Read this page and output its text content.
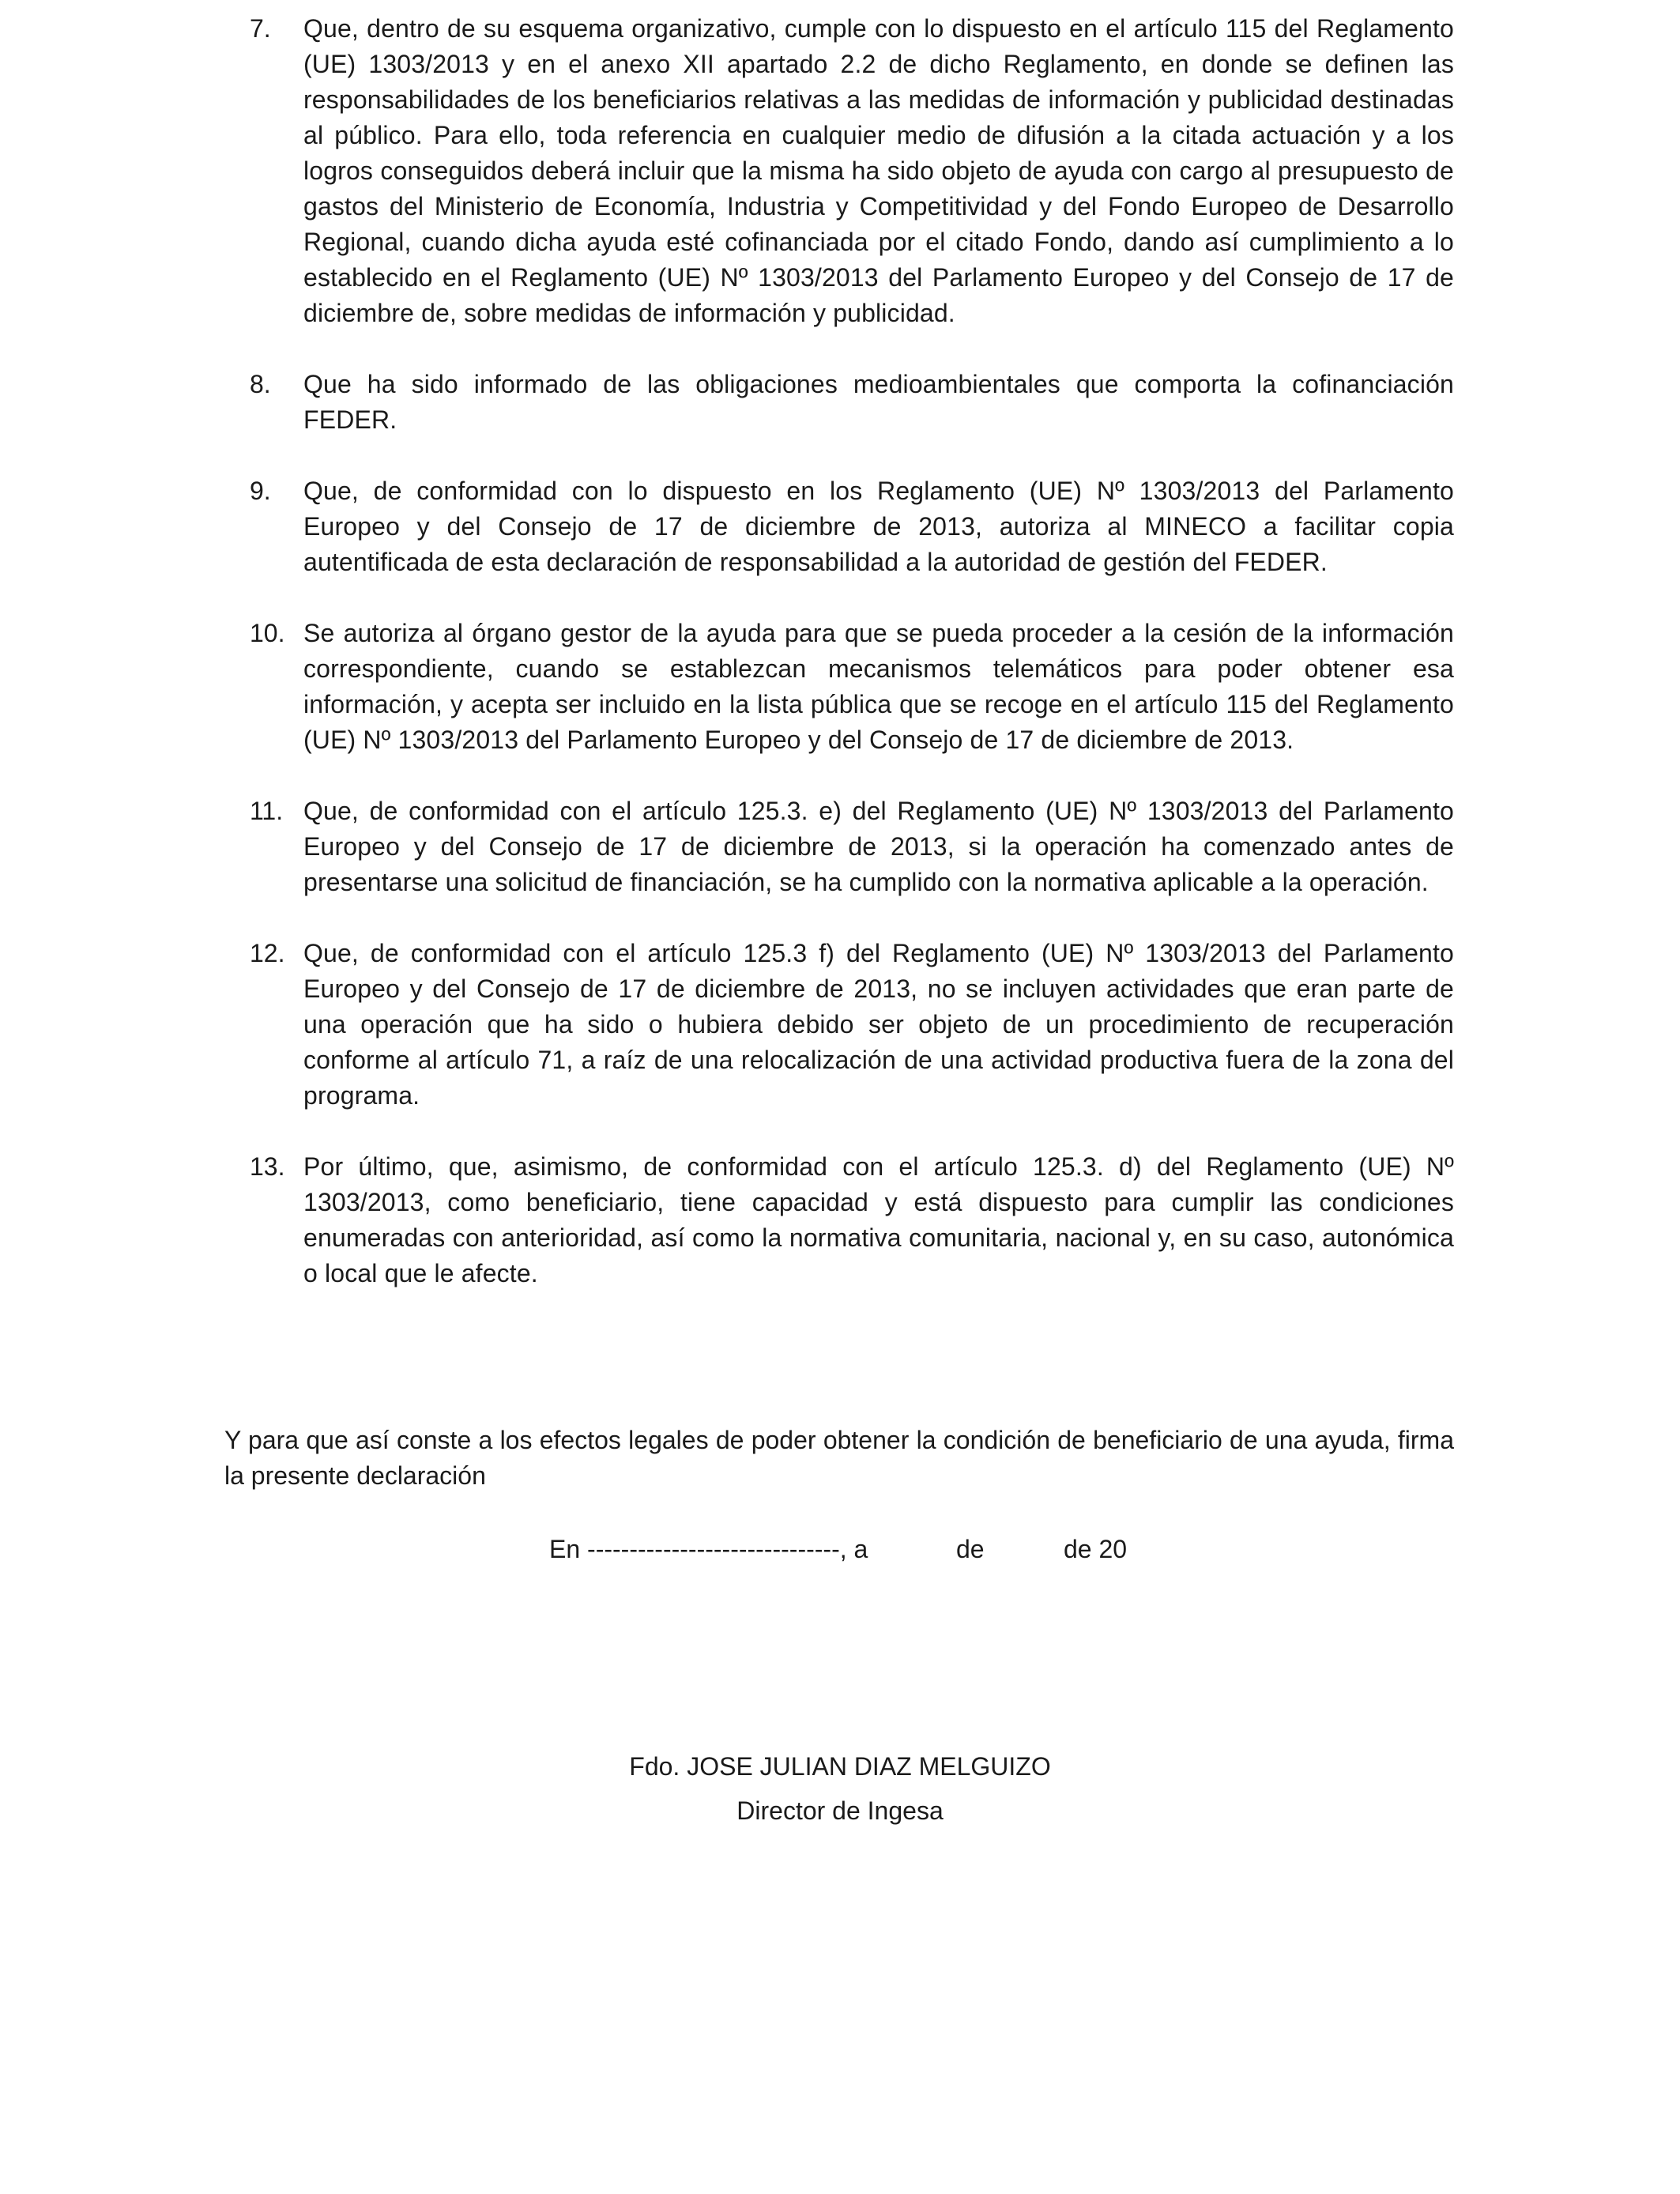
7.	Que, dentro de su esquema organizativo, cumple con lo dispuesto en el artículo 115 del Reglamento (UE) 1303/2013 y en el anexo XII apartado 2.2 de dicho Reglamento, en donde se definen las responsabilidades de los beneficiarios relativas a las medidas de información y publicidad destinadas al público. Para ello, toda referencia en cualquier medio de difusión a la citada actuación y a los logros conseguidos deberá incluir que la misma ha sido objeto de ayuda con cargo al presupuesto de gastos del Ministerio de Economía, Industria y Competitividad y del Fondo Europeo de Desarrollo Regional, cuando dicha ayuda esté cofinanciada por el citado Fondo, dando así cumplimiento a lo establecido en el Reglamento (UE) Nº 1303/2013 del Parlamento Europeo y del Consejo de 17 de diciembre de, sobre medidas de información y publicidad.
8.	Que ha sido informado de las obligaciones medioambientales que comporta la cofinanciación FEDER.
9.	Que, de conformidad con lo dispuesto en los Reglamento (UE) Nº 1303/2013 del Parlamento Europeo y del Consejo de 17 de diciembre de 2013, autoriza al MINECO a facilitar copia autentificada de esta declaración de responsabilidad a la autoridad de gestión del FEDER.
10. Se autoriza al órgano gestor de la ayuda para que se pueda proceder a la cesión de la información correspondiente, cuando se establezcan mecanismos telemáticos para poder obtener esa información, y acepta ser incluido en la lista pública que se recoge en el artículo 115 del Reglamento (UE) Nº 1303/2013 del Parlamento Europeo y del Consejo de 17 de diciembre de 2013.
11. Que, de conformidad con el artículo 125.3. e) del Reglamento (UE) Nº 1303/2013 del Parlamento Europeo y del Consejo de 17 de diciembre de 2013, si la operación ha comenzado antes de presentarse una solicitud de financiación, se ha cumplido con la normativa aplicable a la operación.
12. Que, de conformidad con el artículo 125.3 f) del Reglamento (UE) Nº 1303/2013 del Parlamento Europeo y del Consejo de 17 de diciembre de 2013, no se incluyen actividades que eran parte de una operación que ha sido o hubiera debido ser objeto de un procedimiento de recuperación conforme al artículo 71, a raíz de una relocalización de una actividad productiva fuera de la zona del programa.
13. Por último, que, asimismo, de conformidad con el artículo 125.3. d) del Reglamento (UE) Nº 1303/2013, como beneficiario, tiene capacidad y está dispuesto para cumplir las condiciones enumeradas con anterioridad, así como la normativa comunitaria, nacional y, en su caso, autonómica o local que le afecte.

Y para que así conste a los efectos legales de poder obtener la condición de beneficiario de una ayuda, firma la presente declaración

En ------------------------------, a

	de

	de 20

Fdo. JOSE JULIAN DIAZ MELGUIZO
Director de Ingesa
